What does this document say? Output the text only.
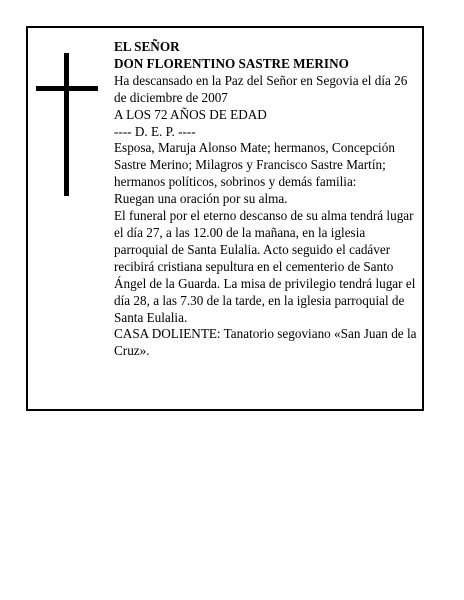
EL SEÑOR

DON FLORENTINO SASTRE MERINO

Ha descansado en la Paz del Señor en Segovia el día 26 de diciembre de 2007

A LOS 72 AÑOS DE EDAD

---- D. E. P. ----

Esposa, Maruja Alonso Mate; hermanos, Concepción Sastre Merino; Milagros y Francisco Sastre Martín; hermanos políticos, sobrinos y demás familia:

Ruegan una oración por su alma.

El funeral por el eterno descanso de su alma tendrá lugar el día 27, a las 12.00 de la mañana, en la iglesia parroquial de Santa Eulalia. Acto seguido el cadáver recibirá cristiana sepultura en el cementerio de Santo Ángel de la Guarda. La misa de privilegio tendrá lugar el día 28, a las 7.30 de la tarde, en la iglesia parroquial de Santa Eulalia.

CASA DOLIENTE: Tanatorio segoviano «San Juan de la Cruz».
